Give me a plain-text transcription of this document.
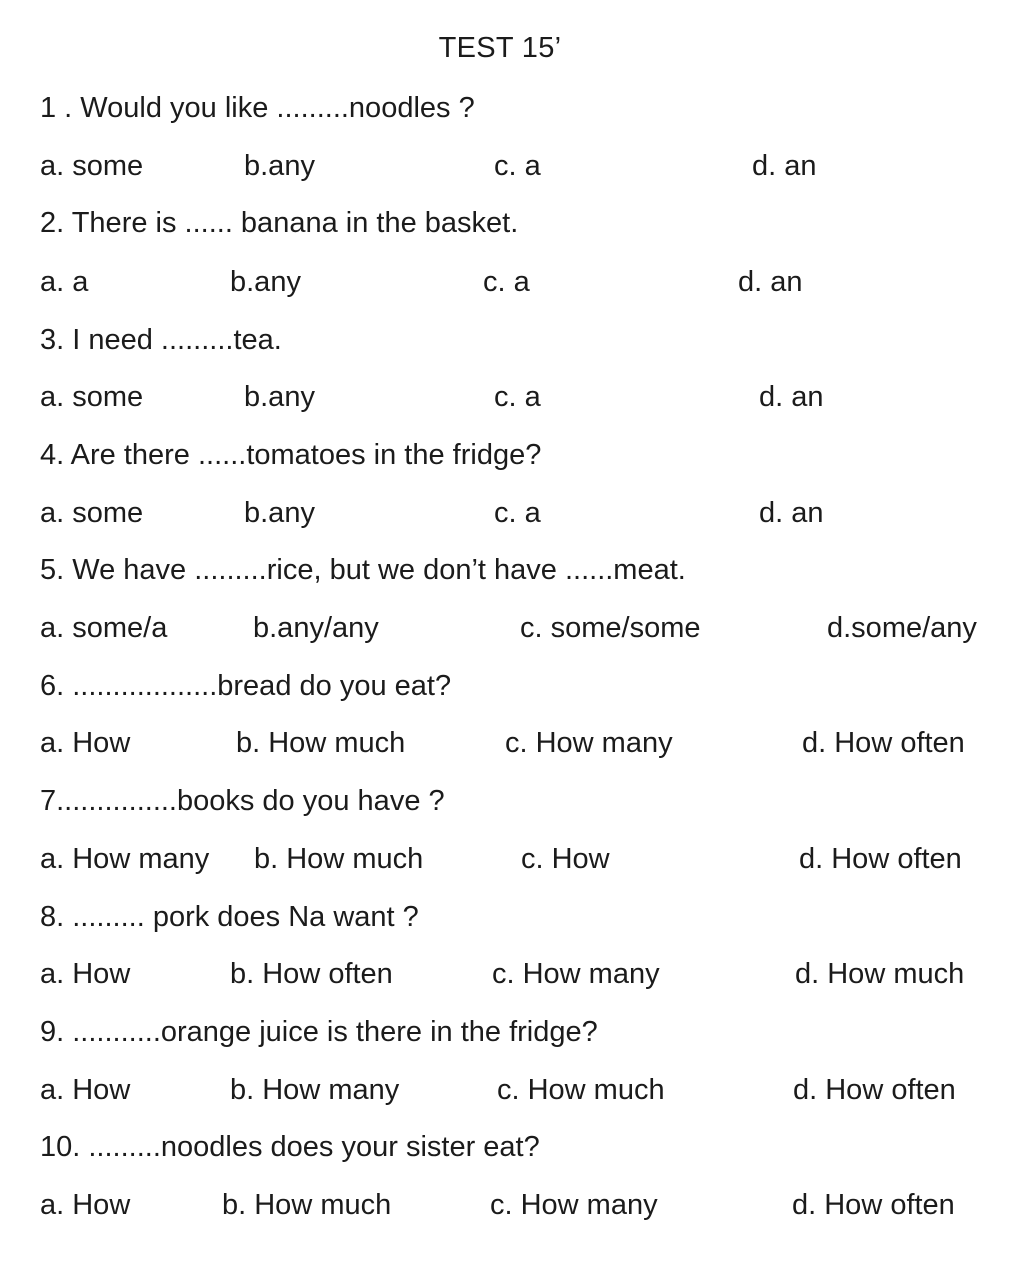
TEST 15’
1 . Would you like .........noodles ?
a. some	b.any	c. a	d. an
2. There is ...... banana in the basket.
a. a	b.any	c. a	d. an
3. I need .........tea.
a. some	b.any	c. a	d. an
4. Are there ......tomatoes in the fridge?
a. some	b.any	c. a	d. an
5. We have .........rice, but we don’t have ......meat.
a. some/a	b.any/any	c. some/some	d.some/any
6. ..................bread do you eat?
a. How	b. How much	c. How many	d. How often
7...............books do you have ?
a. How many b. How much	c. How	d. How often
8. ......... pork does Na want ?
a. How	b. How often	c. How many	d. How much
9. ...........orange juice is there in the fridge?
a. How	b. How many	c. How much	d. How often
10. .........noodles does your sister eat?
a. How	b. How much	c. How many	d. How often
